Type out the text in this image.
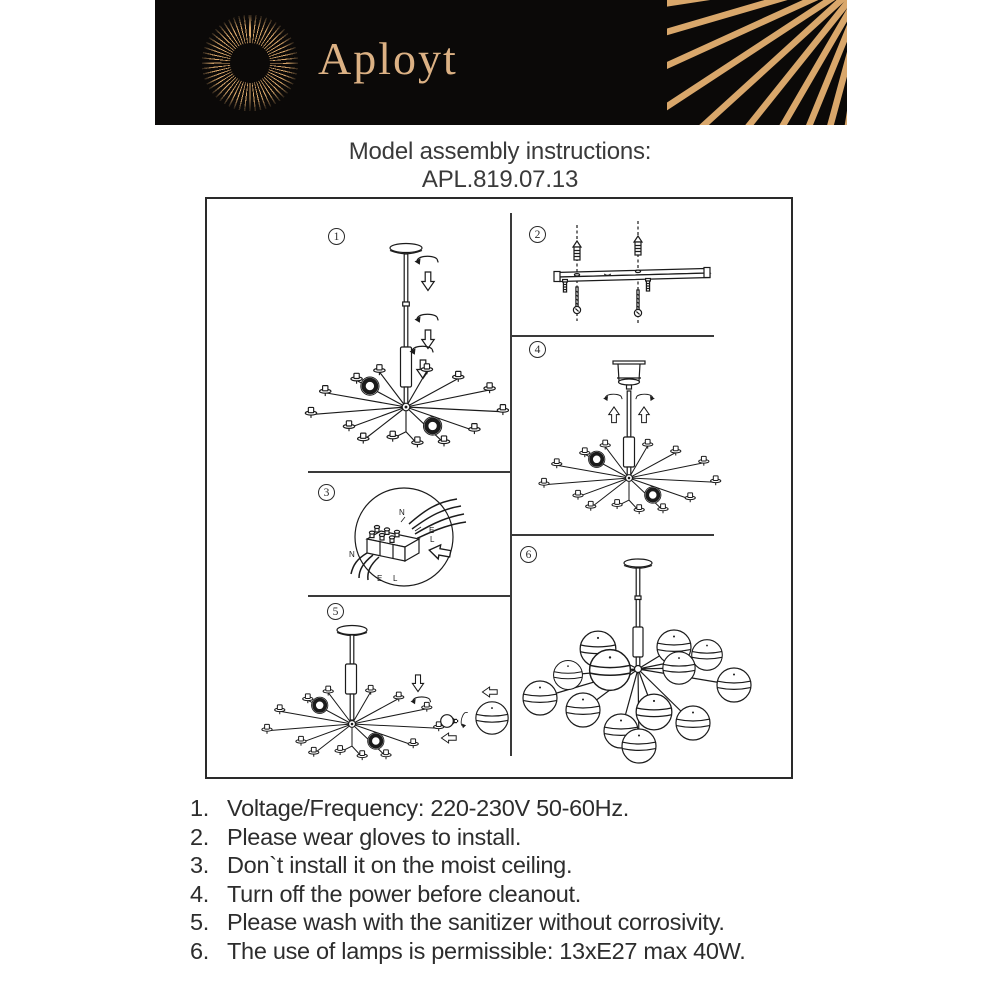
Aployt
Model assembly instructions:
APL.819.07.13
1	2
3
4
5
6
N
E
L
N
E L
1. Voltage/Frequency: 220-230V 50-60Hz.
2. Please wear gloves to install.
3. Don`t install it on the moist ceiling.
4. Turn off the power before cleanout.
5. Please wash with the sanitizer without corrosivity.
6. The use of lamps is permissible: 13xE27 max 40W.
